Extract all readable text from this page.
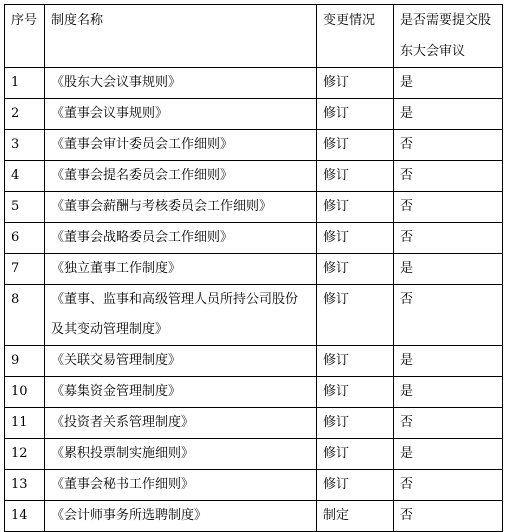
序号	制度名称	变更情况	是否需要提交股东大会审议
1	《股东大会议事规则》	修订	是
2	《董事会议事规则》	修订	是
3	《董事会审计委员会工作细则》	修订	否
4	《董事会提名委员会工作细则》	修订	否
5	《董事会薪酬与考核委员会工作细则》	修订	否
6	《董事会战略委员会工作细则》	修订	否
7	《独立董事工作制度》	修订	是
8	《董事、监事和高级管理人员所持公司股份及其变动管理制度》	修订	否
9	《关联交易管理制度》	修订	是
10	《募集资金管理制度》	修订	是
11	《投资者关系管理制度》	修订	否
12	《累积投票制实施细则》	修订	是
13	《董事会秘书工作细则》	修订	否
14	《会计师事务所选聘制度》	制定	否
